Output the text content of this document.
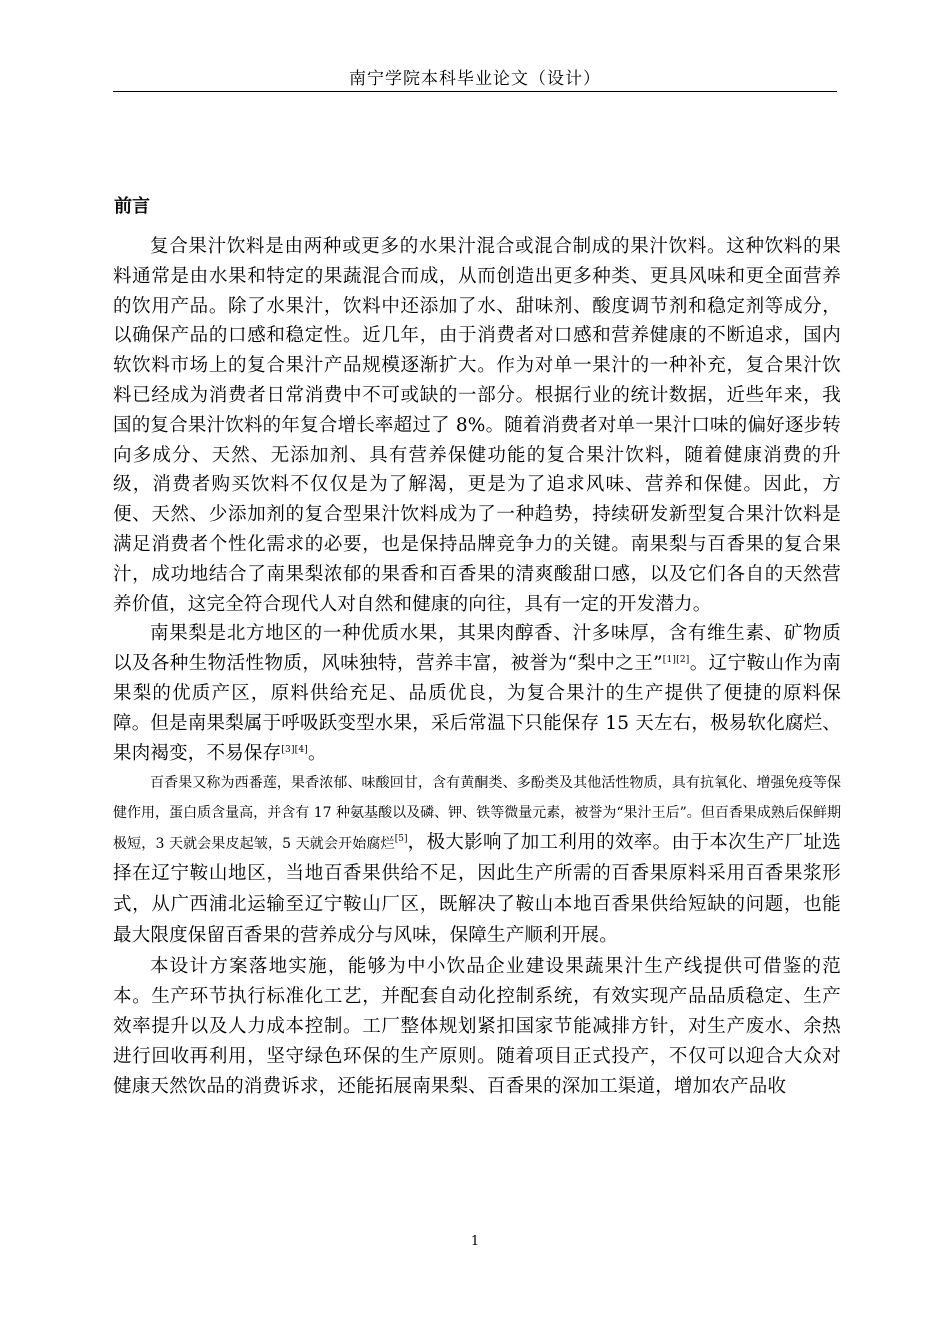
南宁学院本科毕业论文（设计）
前言

复合果汁饮料是由两种或更多的水果汁混合或混合制成的果汁饮料。这种饮料的果料通常是由水果和特定的果蔬混合而成，从而创造出更多种类、更具风味和更全面营养的饮用产品。除了水果汁，饮料中还添加了水、甜味剂、酸度调节剂和稳定剂等成分，以确保产品的口感和稳定性。近几年，由于消费者对口感和营养健康的不断追求，国内软饮料市场上的复合果汁产品规模逐渐扩大。作为对单一果汁的一种补充，复合果汁饮料已经成为消费者日常消费中不可或缺的一部分。根据行业的统计数据，近些年来，我国的复合果汁饮料的年复合增长率超过了 8%。随着消费者对单一果汁口味的偏好逐步转向多成分、天然、无添加剂、具有营养保健功能的复合果汁饮料，随着健康消费的升级，消费者购买饮料不仅仅是为了解渴，更是为了追求风味、营养和保健。因此，方便、天然、少添加剂的复合型果汁饮料成为了一种趋势，持续研发新型复合果汁饮料是满足消费者个性化需求的必要，也是保持品牌竞争力的关键。南果梨与百香果的复合果汁，成功地结合了南果梨浓郁的果香和百香果的清爽酸甜口感，以及它们各自的天然营养价值，这完全符合现代人对自然和健康的向往，具有一定的开发潜力。

南果梨是北方地区的一种优质水果，其果肉醇香、汁多味厚，含有维生素、矿物质以及各种生物活性物质，风味独特，营养丰富，被誉为“梨中之王”[1][2]。辽宁鞍山作为南果梨的优质产区，原料供给充足、品质优良，为复合果汁的生产提供了便捷的原料保障。但是南果梨属于呼吸跃变型水果，采后常温下只能保存 15 天左右，极易软化腐烂、果肉褐变，不易保存[3][4]。

百香果又称为西番莲，果香浓郁、味酸回甘，含有黄酮类、多酚类及其他活性物质，具有抗氧化、增强免疫等保健作用，蛋白质含量高，并含有 17 种氨基酸以及磷、钾、铁等微量元素，被誉为“果汁王后”。但百香果成熟后保鲜期极短，3 天就会果皮起皱，5 天就会开始腐烂[5]，极大影响了加工利用的效率。由于本次生产厂址选择在辽宁鞍山地区，当地百香果供给不足，因此生产所需的百香果原料采用百香果浆形式，从广西浦北运输至辽宁鞍山厂区，既解决了鞍山本地百香果供给短缺的问题，也能最大限度保留百香果的营养成分与风味，保障生产顺利开展。

本设计方案落地实施，能够为中小饮品企业建设果蔬果汁生产线提供可借鉴的范本。生产环节执行标准化工艺，并配套自动化控制系统，有效实现产品品质稳定、生产效率提升以及人力成本控制。工厂整体规划紧扣国家节能减排方针，对生产废水、余热进行回收再利用，坚守绿色环保的生产原则。随着项目正式投产，不仅可以迎合大众对健康天然饮品的消费诉求，还能拓展南果梨、百香果的深加工渠道，增加农产品收

1
